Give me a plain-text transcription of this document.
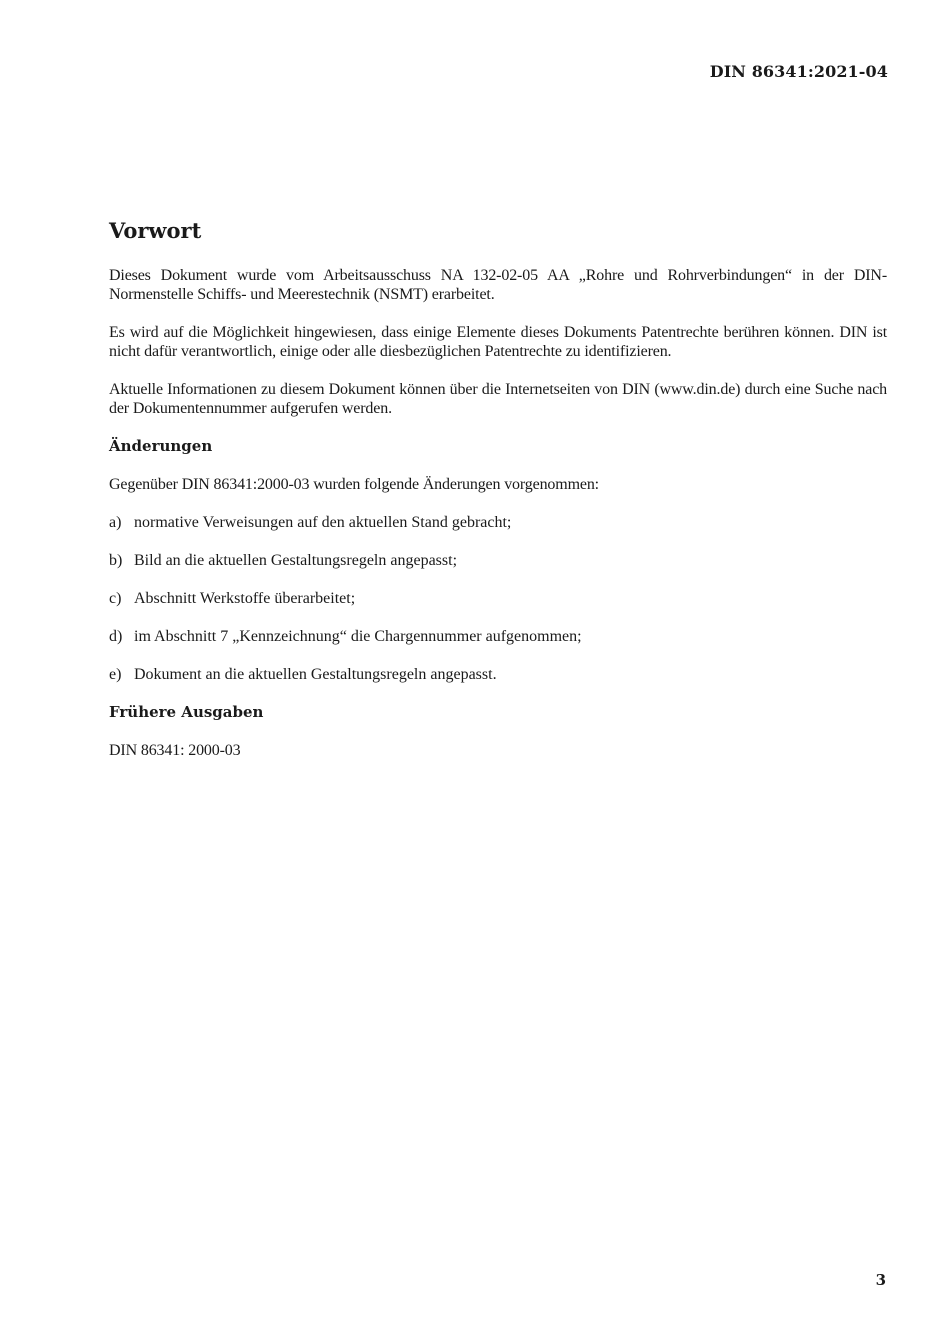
DIN 86341:2021-04
Vorwort

Dieses Dokument wurde vom Arbeitsausschuss NA 132-02-05 AA „Rohre und Rohrverbindungen“ in der DIN-Normenstelle Schiffs- und Meerestechnik (NSMT) erarbeitet.

Es wird auf die Möglichkeit hingewiesen, dass einige Elemente dieses Dokuments Patentrechte berühren können. DIN ist nicht dafür verantwortlich, einige oder alle diesbezüglichen Patentrechte zu identifizieren.

Aktuelle Informationen zu diesem Dokument können über die Internetseiten von DIN (www.din.de) durch eine Suche nach der Dokumentennummer aufgerufen werden.

Änderungen

Gegenüber DIN 86341:2000-03 wurden folgende Änderungen vorgenommen:

a) normative Verweisungen auf den aktuellen Stand gebracht;
b) Bild an die aktuellen Gestaltungsregeln angepasst;
c) Abschnitt Werkstoffe überarbeitet;
d) im Abschnitt 7 „Kennzeichnung“ die Chargennummer aufgenommen;
e) Dokument an die aktuellen Gestaltungsregeln angepasst.
Frühere Ausgaben

DIN 86341: 2000-03

3
